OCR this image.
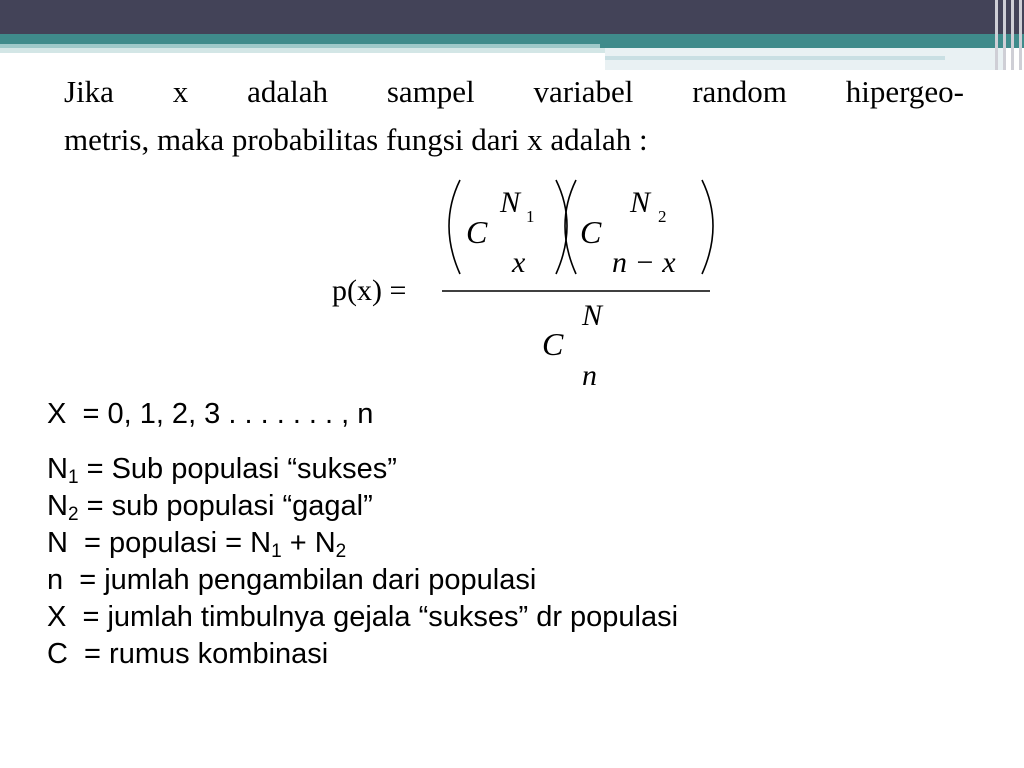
Jika x adalah sampel variabel random hipergeo-
metris, maka probabilitas fungsi dari x adalah :
p(x) =
C
N 1
x
C
N 2
n − x
C
N
n
X  = 0, 1, 2, 3 . . . . . . . , n
$N_1$ = Sub populasi “sukses”
$N_2$ = sub populasi “gagal”
N  = populasi = $N_1 + N_2$
n  = jumlah pengambilan dari populasi
X  = jumlah timbulnya gejala “sukses” dr populasi
C  = rumus kombinasi
